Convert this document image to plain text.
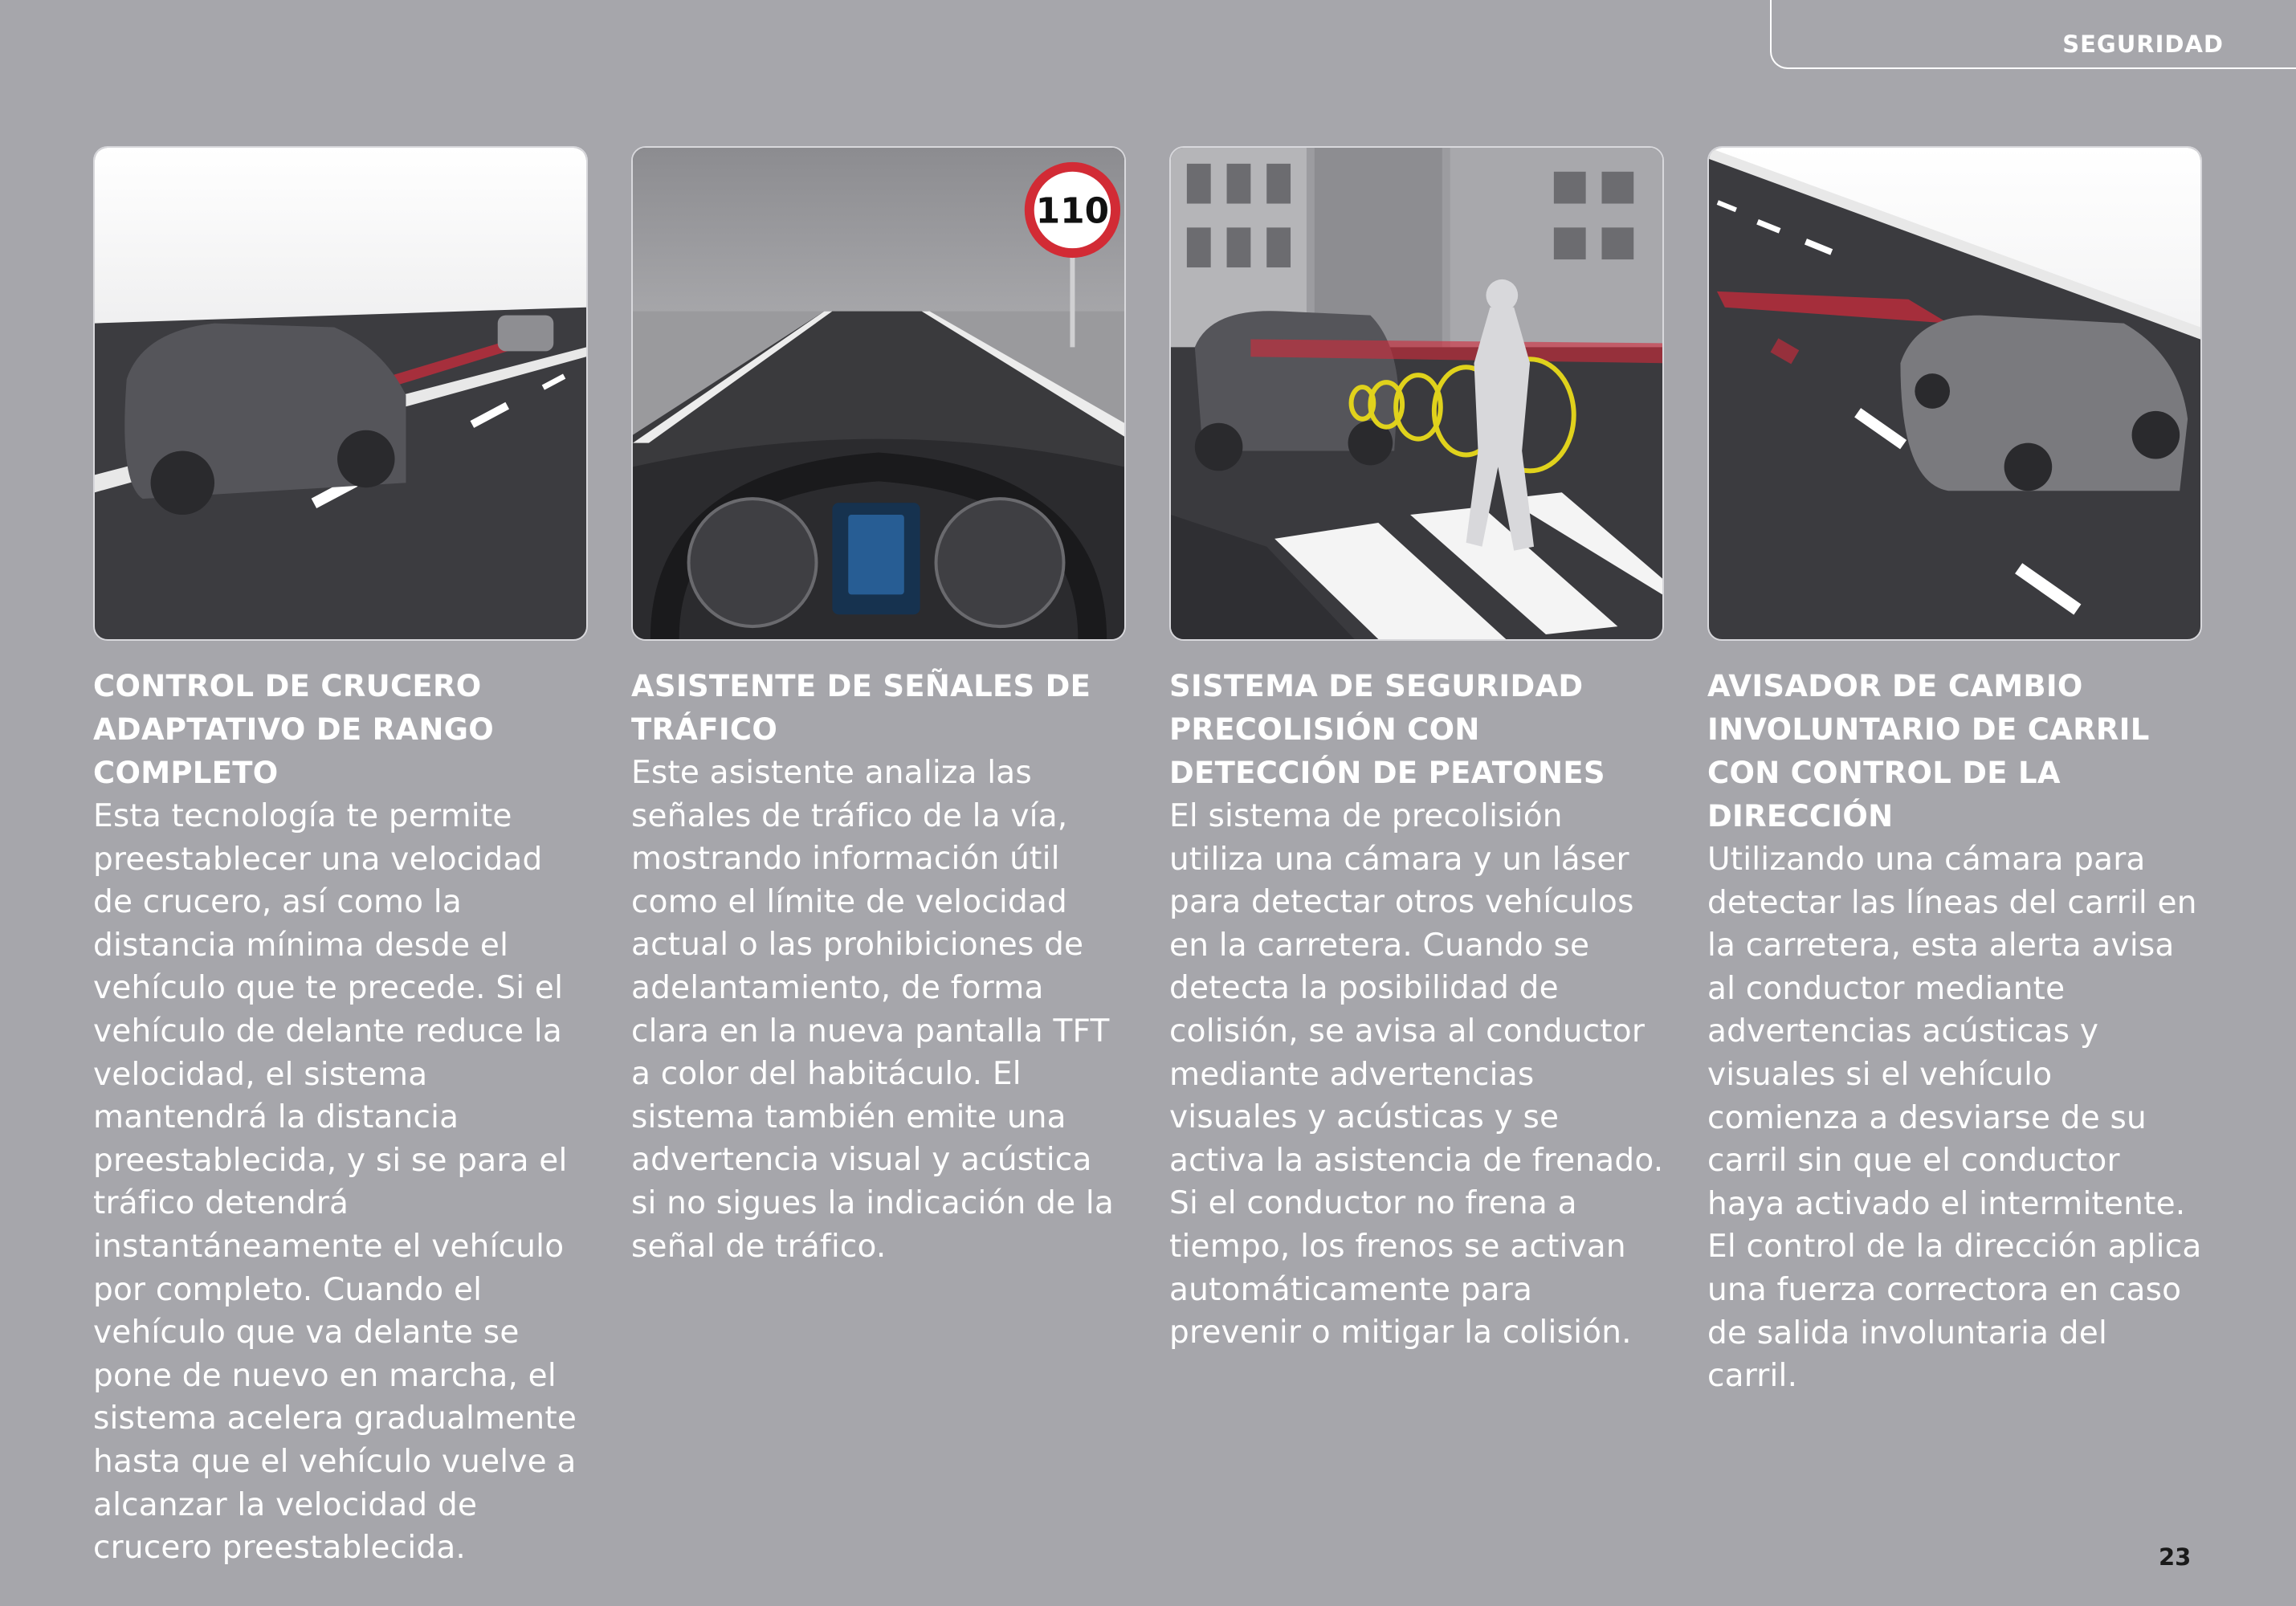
SEGURIDAD
CONTROL DE CRUCERO ADAPTATIVO DE RANGO COMPLETO
Esta tecnología te permite preestablecer una velocidad de crucero, así como la distancia mínima desde el vehículo que te precede. Si el vehículo de delante reduce la velocidad, el sistema mantendrá la distancia preestablecida, y si se para el tráfico detendrá instantáneamente el vehículo por completo. Cuando el vehículo que va delante se pone de nuevo en marcha, el sistema acelera gradualmente hasta que el vehículo vuelve a alcanzar la velocidad de crucero preestablecida.
110
ASISTENTE DE SEÑALES DE TRÁFICO
Este asistente analiza las señales de tráfico de la vía, mostrando información útil como el límite de velocidad actual o las prohibiciones de adelantamiento, de forma clara en la nueva pantalla TFT a color del habitáculo. El sistema también emite una advertencia visual y acústica si no sigues la indicación de la señal de tráfico.
SISTEMA DE SEGURIDAD PRECOLISIÓN CON DETECCIÓN DE PEATONES
El sistema de precolisión utiliza una cámara y un láser para detectar otros vehículos en la carretera. Cuando se detecta la posibilidad de colisión, se avisa al conductor mediante advertencias visuales y acústicas y se activa la asistencia de frenado. Si el conductor no frena a tiempo, los frenos se activan automáticamente para prevenir o mitigar la colisión.
AVISADOR DE CAMBIO INVOLUNTARIO DE CARRIL CON CONTROL DE LA DIRECCIÓN
Utilizando una cámara para detectar las líneas del carril en la carretera, esta alerta avisa al conductor mediante advertencias acústicas y visuales si el vehículo comienza a desviarse de su carril sin que el conductor haya activado el intermitente. El control de la dirección aplica una fuerza correctora en caso de salida involuntaria del carril.
23
